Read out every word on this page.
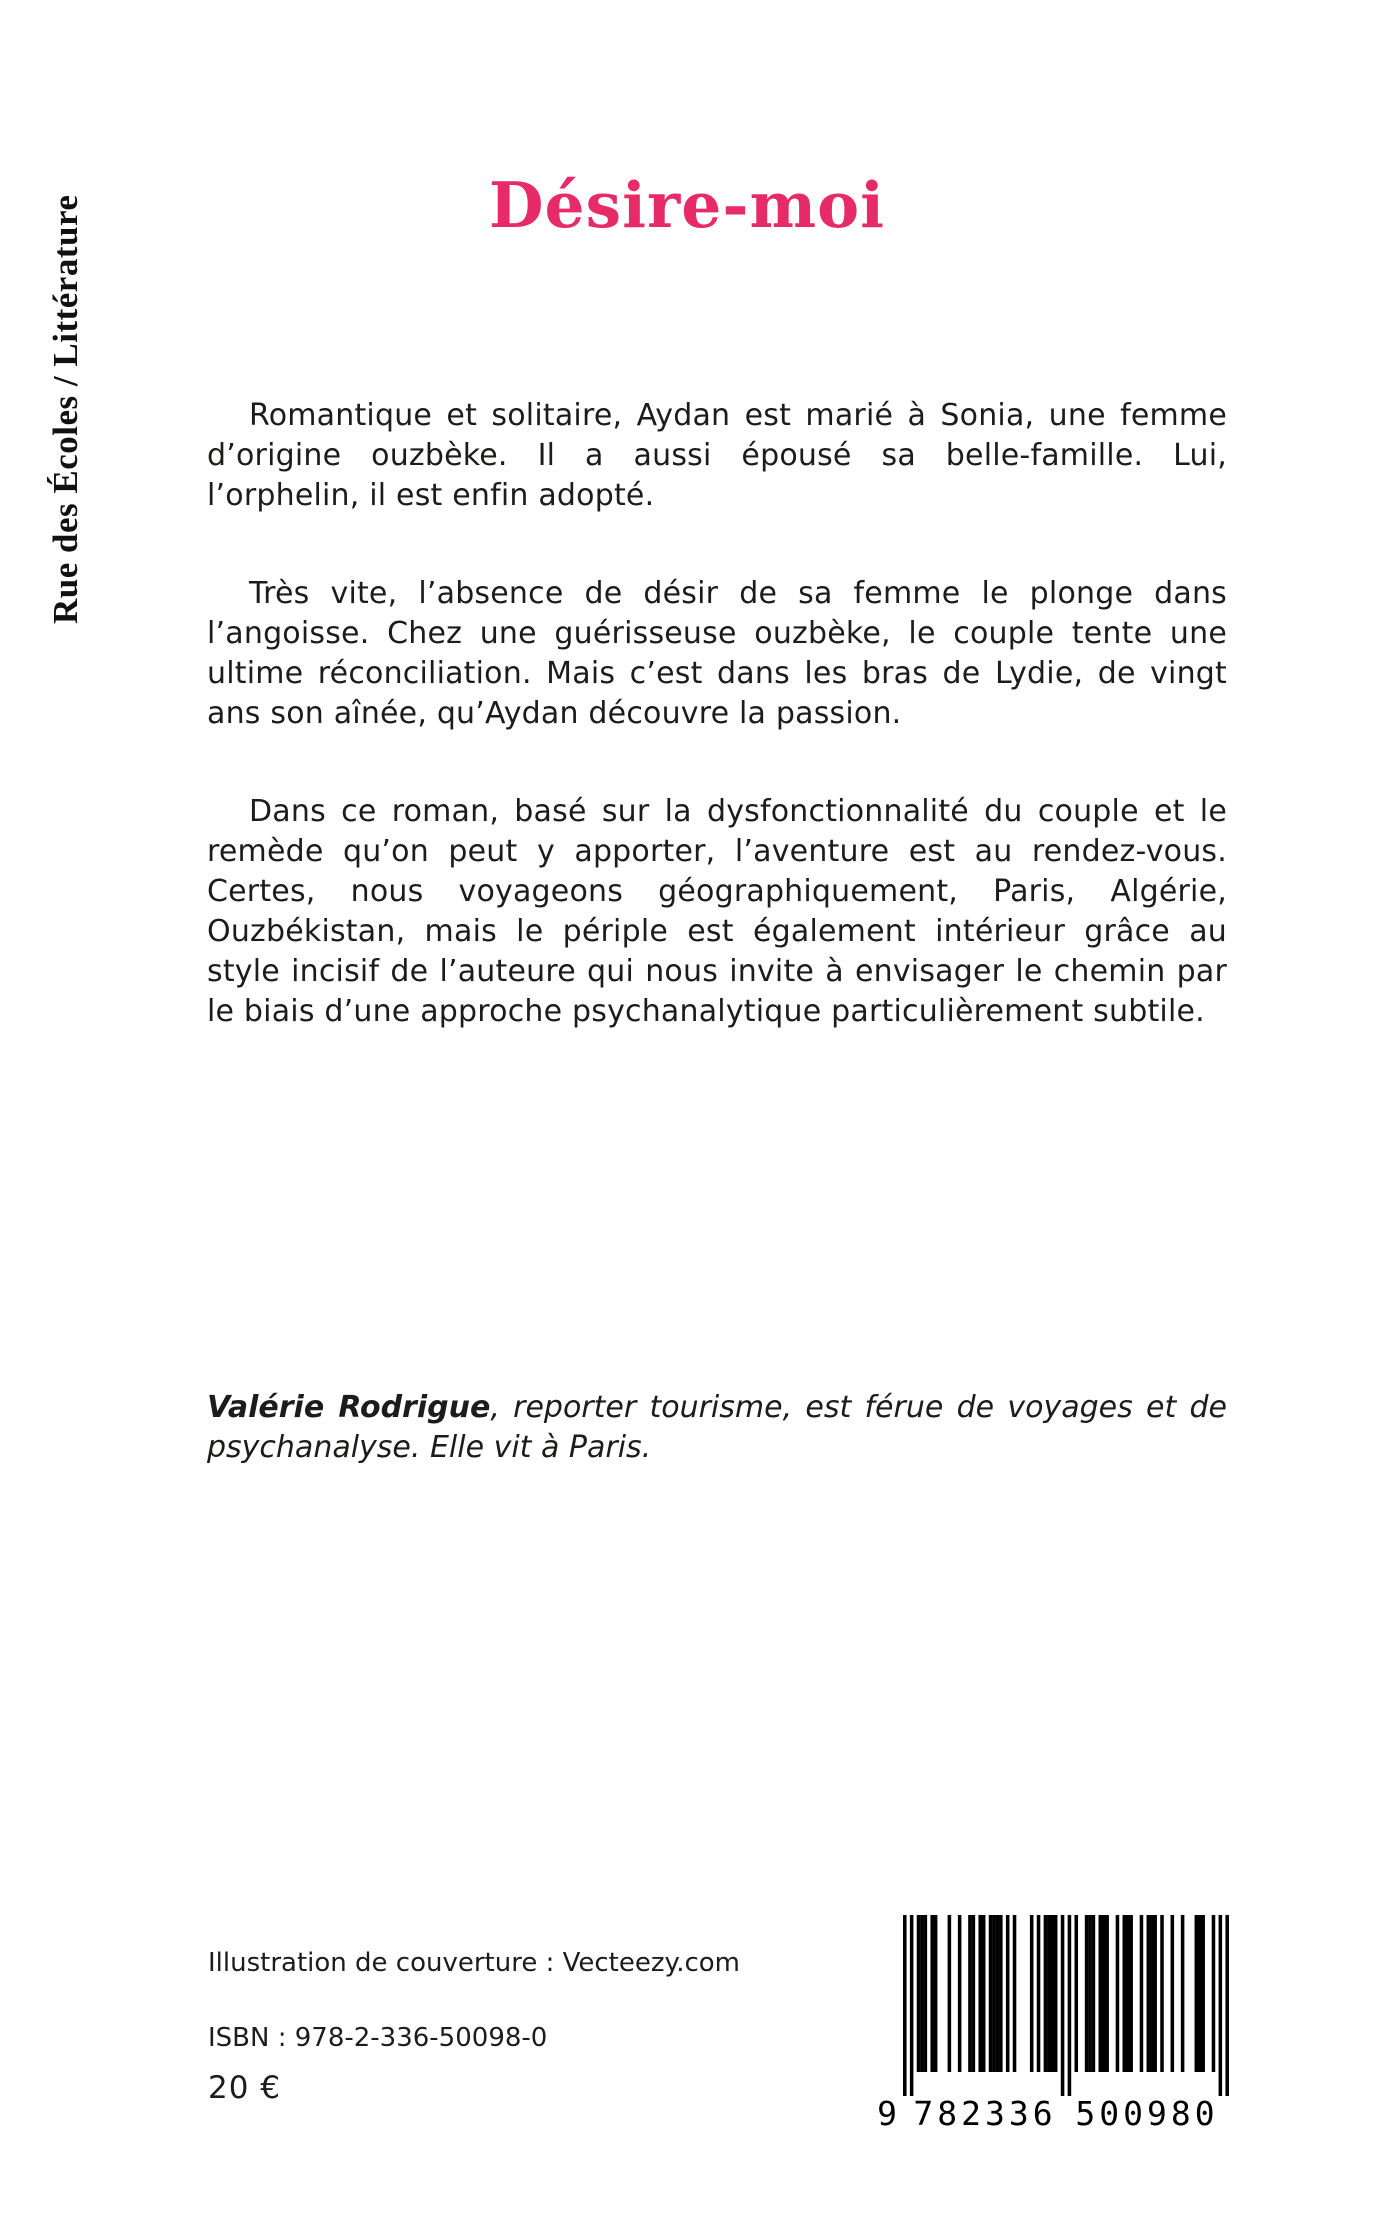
Rue des Écoles / Littérature	Désire-moi

Romantique et solitaire, Aydan est marié à Sonia, une femme d’origine ouzbèke. Il a aussi épousé sa belle-famille. Lui, l’orphelin, il est enfin adopté.

Très vite, l’absence de désir de sa femme le plonge dans l’angoisse. Chez une guérisseuse ouzbèke, le couple tente une ultime réconciliation. Mais c’est dans les bras de Lydie, de vingt ans son aînée, qu’Aydan découvre la passion.

Dans ce roman, basé sur la dysfonctionnalité du couple et le remède qu’on peut y apporter, l’aventure est au rendez-vous. Certes, nous voyageons géographiquement, Paris, Algérie, Ouzbékistan, mais le périple est également intérieur grâce au style incisif de l’auteure qui nous invite à envisager le chemin par le biais d’une approche psychanalytique particulièrement subtile.

Valérie Rodrigue, reporter tourisme, est férue de voyages et de psychanalyse. Elle vit à Paris.

Illustration de couverture : Vecteezy.com
ISBN : 978-2-336-50098-0
20 €
9 782336 500980
